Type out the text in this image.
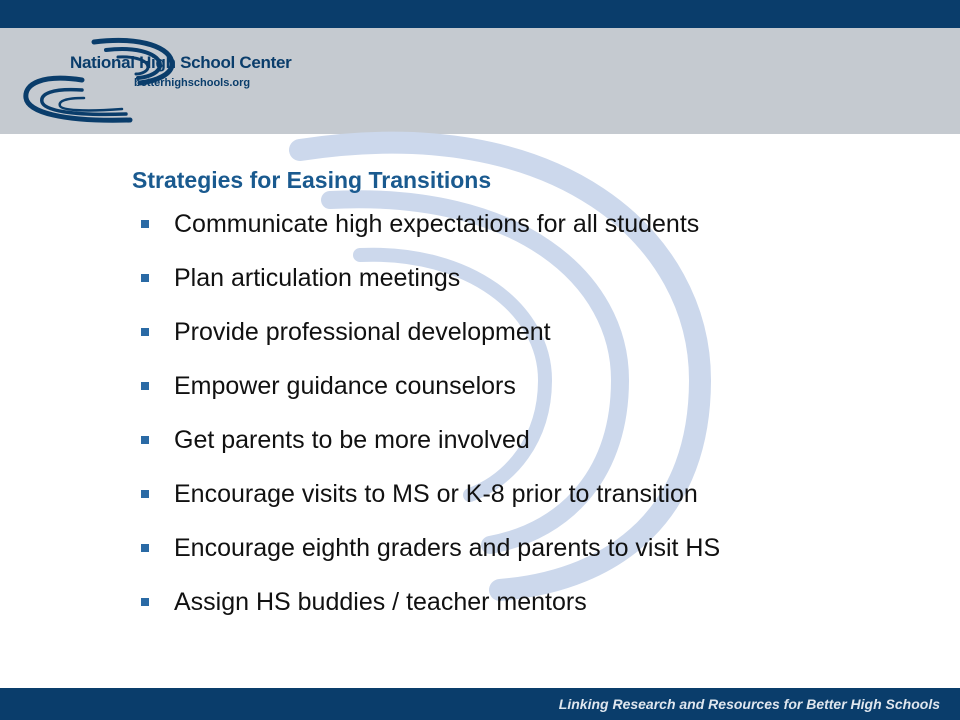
National High School Center
betterhighschools.org
Strategies for Easing Transitions
Communicate high expectations for all students
Plan articulation meetings
Provide professional development
Empower guidance counselors
Get parents to be more involved
Encourage visits to MS or K-8 prior to transition
Encourage eighth graders and parents to visit HS
Assign HS buddies / teacher mentors
Linking Research and Resources for Better High Schools
